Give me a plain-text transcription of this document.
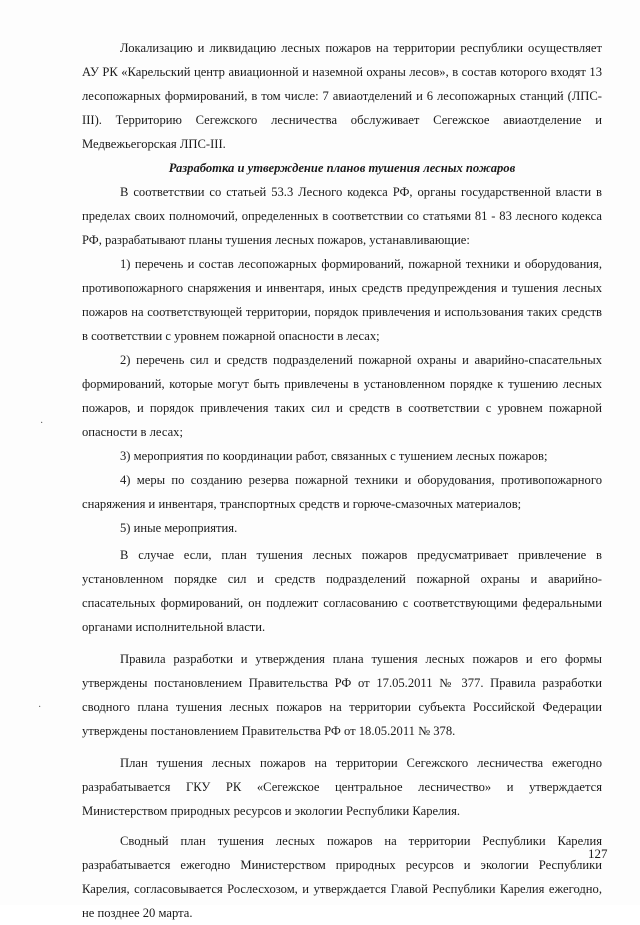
Локализацию и ликвидацию лесных пожаров на территории республики осуществляет АУ РК «Карельский центр авиационной и наземной охраны лесов», в состав которого входят 13 лесопожарных формирований, в том числе: 7 авиаотделений и 6 лесопожарных станций (ЛПС-III). Территорию Сегежского лесничества обслуживает Сегежское авиаотделение и Медвежьегорская ЛПС-III.

Разработка и утверждение планов тушения лесных пожаров

В соответствии со статьей 53.3 Лесного кодекса РФ, органы государственной власти в пределах своих полномочий, определенных в соответствии со статьями 81 - 83 лесного кодекса РФ, разрабатывают планы тушения лесных пожаров, устанавливающие:

1) перечень и состав лесопожарных формирований, пожарной техники и оборудования, противопожарного снаряжения и инвентаря, иных средств предупреждения и тушения лесных пожаров на соответствующей территории, порядок привлечения и использования таких средств в соответствии с уровнем пожарной опасности в лесах;

2) перечень сил и средств подразделений пожарной охраны и аварийно-спасательных формирований, которые могут быть привлечены в установленном порядке к тушению лесных пожаров, и порядок привлечения таких сил и средств в соответствии с уровнем пожарной опасности в лесах;

3) мероприятия по координации работ, связанных с тушением лесных пожаров;

4) меры по созданию резерва пожарной техники и оборудования, противопожарного снаряжения и инвентаря, транспортных средств и горюче-смазочных материалов;

5) иные мероприятия.

В случае если, план тушения лесных пожаров предусматривает привлечение в установленном порядке сил и средств подразделений пожарной охраны и аварийно-спасательных формирований, он подлежит согласованию с соответствующими федеральными органами исполнительной власти.

Правила разработки и утверждения плана тушения лесных пожаров и его формы утверждены постановлением Правительства РФ от 17.05.2011 № 377. Правила разработки сводного плана тушения лесных пожаров на территории субъекта Российской Федерации утверждены постановлением Правительства РФ от 18.05.2011 № 378.

План тушения лесных пожаров на территории Сегежского лесничества ежегодно разрабатывается ГКУ РК «Сегежское центральное лесничество» и утверждается Министерством природных ресурсов и экологии Республики Карелия.

Сводный план тушения лесных пожаров на территории Республики Карелия разрабатывается ежегодно Министерством природных ресурсов и экологии Республики Карелия, согласовывается Рослесхозом, и утверждается Главой Республики Карелия ежегодно, не позднее 20 марта.

·
·
127
